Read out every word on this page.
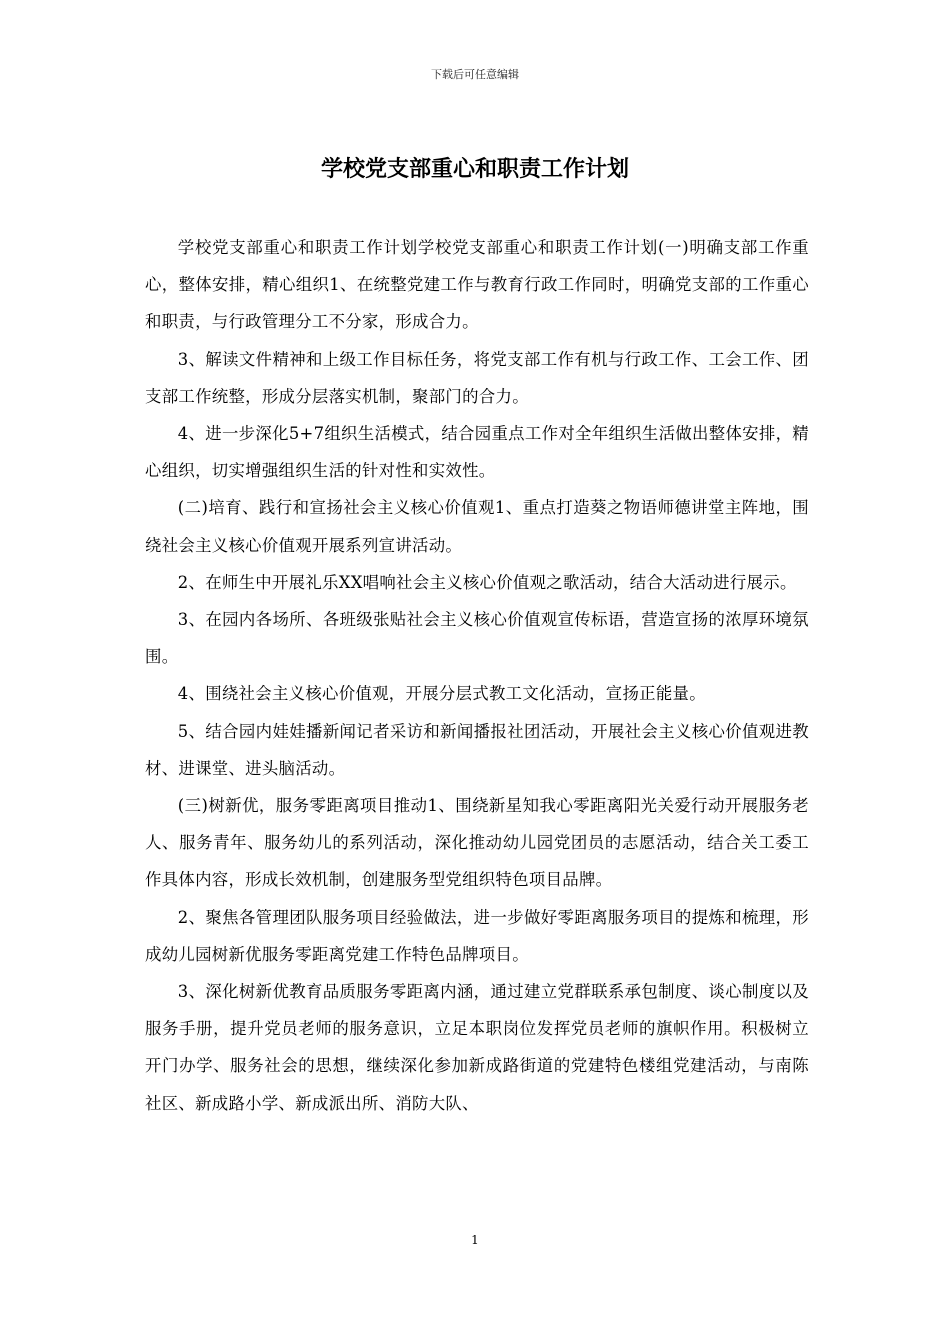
下载后可任意编辑
学校党支部重心和职责工作计划

学校党支部重心和职责工作计划学校党支部重心和职责工作计划(一)明确支部工作重心，整体安排，精心组织1、在统整党建工作与教育行政工作同时，明确党支部的工作重心和职责，与行政管理分工不分家，形成合力。

3、解读文件精神和上级工作目标任务，将党支部工作有机与行政工作、工会工作、团支部工作统整，形成分层落实机制，聚部门的合力。

4、进一步深化5+7组织生活模式，结合园重点工作对全年组织生活做出整体安排，精心组织，切实增强组织生活的针对性和实效性。

(二)培育、践行和宣扬社会主义核心价值观1、重点打造葵之物语师德讲堂主阵地，围绕社会主义核心价值观开展系列宣讲活动。

2、在师生中开展礼乐XX唱响社会主义核心价值观之歌活动，结合大活动进行展示。

3、在园内各场所、各班级张贴社会主义核心价值观宣传标语，营造宣扬的浓厚环境氛围。

4、围绕社会主义核心价值观，开展分层式教工文化活动，宣扬正能量。

5、结合园内娃娃播新闻记者采访和新闻播报社团活动，开展社会主义核心价值观进教材、进课堂、进头脑活动。

(三)树新优，服务零距离项目推动1、围绕新星知我心零距离阳光关爱行动开展服务老人、服务青年、服务幼儿的系列活动，深化推动幼儿园党团员的志愿活动，结合关工委工作具体内容，形成长效机制，创建服务型党组织特色项目品牌。

2、聚焦各管理团队服务项目经验做法，进一步做好零距离服务项目的提炼和梳理，形成幼儿园树新优服务零距离党建工作特色品牌项目。

3、深化树新优教育品质服务零距离内涵，通过建立党群联系承包制度、谈心制度以及服务手册，提升党员老师的服务意识，立足本职岗位发挥党员老师的旗帜作用。积极树立开门办学、服务社会的思想，继续深化参加新成路街道的党建特色楼组党建活动，与南陈社区、新成路小学、新成派出所、消防大队、

1
